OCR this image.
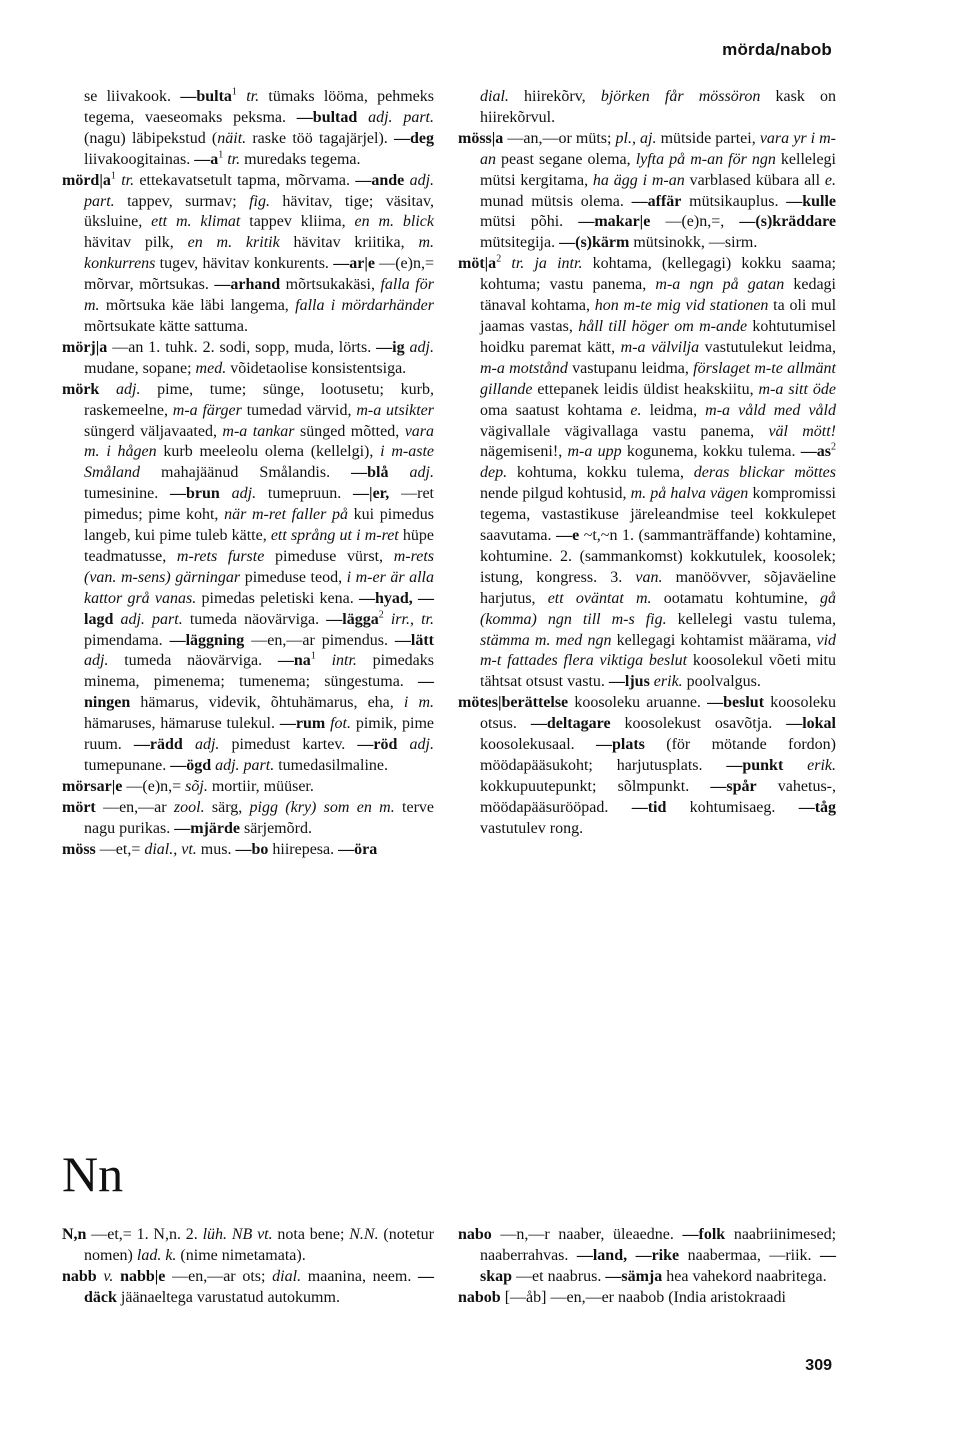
mörda/nabob
se liivakook. —bulta$^1$ tr. tümaks lööma, pehmeks tegema, vaeseomaks peksma. —bultad adj. part. (nagu) läbipekstud (näit. raske töö tagajärjel). —deg liivakoogitainas. $—a^1$ tr. muredaks tegema.
$mörd|a^1$ tr. ettekavatsetult tapma, mõrvama. —ande adj. part. tappev, surmav; fig. hävitav, tige; väsitav, üksluine, ett m. klimat tappev kliima, en m. blick hävitav pilk, en m. kritik hävitav kriitika, m. konkurrens tugev, hävitav konkurents. —ar|e —(e)n,= mõrvar, mõrtsukas. —arhand mõrtsukakäsi, falla för m. mõrtsuka käe läbi langema, falla i mördarhänder mõrtsukate kätte sattuma.
mörj|a —an 1. tuhk. 2. sodi, sopp, muda, lörts. —ig adj. mudane, sopane; med. võidetaolise konsistentsiga.
mörk adj. pime, tume; sünge, lootusetu; kurb, raskemeelne, m-a färger tumedad värvid, m-a utsikter süngerd väljavaated, m-a tankar sünged mõtted, vara m. i hågen kurb meeleolu olema (kellelgi), i m-aste Småland mahajäänud Smålandis. —blå adj. tumesinine. —brun adj. tumepruun. —|er, —ret pimedus; pime koht, när m-ret faller på kui pimedus langeb, kui pime tuleb kätte, ett språng ut i m-ret hüpe teadmatusse, m-rets furste pimeduse vürst, m-rets (van. m-sens) gärningar pimeduse teod, i m-er är alla kattor grå vanas. pimedas peletiski kena. —hyad, —lagd adj. part. tumeda näovärviga. —lägga$^2$ irr., tr. pimendama. —läggning —en,—ar pimendus. —lätt adj. tumeda näovärviga. $—na^1$ intr. pimedaks minema, pimenema; tumenema; süngestuma. —ningen hämarus, videvik, õhtuhämarus, eha, i m. hämaruses, hämaruse tulekul. —rum fot. pimik, pime ruum. —rädd adj. pimedust kartev. —röd adj. tumepunane. —ögd adj. part. tumedasilmaline.
mörsar|e —(e)n,= sõj. mortiir, müüser.
mört —en,—ar zool. särg, pigg (kry) som en m. terve nagu purikas. —mjärde särjemõrd.
möss —et,= dial., vt. mus. —bo hiirepesa. —öra
dial. hiirekõrv, björken får mössöron kask on hiirekõrvul.
möss|a —an,—or müts; pl., aj. mütside partei, vara yr i m-an peast segane olema, lyfta på m-an för ngn kellelegi mütsi kergitama, ha ägg i m-an varblased kübara all e. munad mütsis olema. —affär mütsikauplus. —kulle mütsi põhi. —makar|e —(e)n,=, —(s)kräddare mütsitegija. —(s)kärm mütsinokk, —sirm.
$möt|a^2$ tr. ja intr. kohtama, (kellegagi) kokku saama; kohtuma; vastu panema, m-a ngn på gatan kedagi tänaval kohtama, hon m-te mig vid stationen ta oli mul jaamas vastas, håll till höger om m-ande kohtutumisel hoidku paremat kätt, m-a välvilja vastutulekut leidma, m-a motstånd vastupanu leidma, förslaget m-te allmänt gillande ettepanek leidis üldist heakskiitu, m-a sitt öde oma saatust kohtama e. leidma, m-a våld med våld vägivallale vägivallaga vastu panema, väl mött! nägemiseni!, m-a upp kogunema, kokku tulema. $—as^2$ dep. kohtuma, kokku tulema, deras blickar möttes nende pilgud kohtusid, m. på halva vägen kompromissi tegema, vastastikuse järeleandmise teel kokkulepet saavutama. —e ~t,~n 1. (sammanträffande) kohtamine, kohtumine. 2. (sammankomst) kokkutulek, koosolek; istung, kongress. 3. van. manöövver, sõjaväeline harjutus, ett oväntat m. ootamatu kohtumine, gå (komma) ngn till m-s fig. kellelegi vastu tulema, stämma m. med ngn kellegagi kohtamist määrama, vid m-t fattades flera viktiga beslut koosolekul võeti mitu tähtsat otsust vastu. —ljus erik. poolvalgus.
mötes|berättelse koosoleku aruanne. —beslut koosoleku otsus. —deltagare koosolekust osavõtja. —lokal koosolekusaal. —plats (för mötande fordon) möödapääsukoht; harjutusplats. —punkt erik. kokkupuutepunkt; sõlmpunkt. —spår vahetus-, möödapääsurööpad. —tid kohtumisaeg. —tåg vastutulev rong.
Nn
N,n —et,= 1. N,n. 2. lüh. NB vt. nota bene; N.N. (notetur nomen) lad. k. (nime nimetamata).
nabb v. nabb|e —en,—ar ots; dial. maanina, neem. —däck jäänaeltega varustatud autokumm.
nabo —n,—r naaber, üleaedne. —folk naabriinimesed; naaberrahvas. —land, —rike naabermaa, —riik. —skap —et naabrus. —sämja hea vahekord naabritega.
nabob [—åb] —en,—er naabob (India aristokraadi
309
